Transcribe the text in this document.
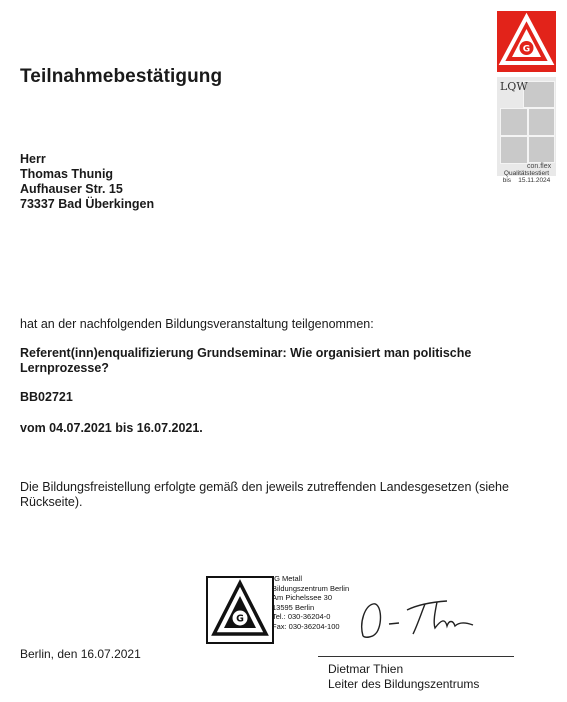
G
LQW
con.flex
Qualitätstestiert
bis    15.11.2024
Teilnahmebestätigung
Herr
Thomas Thunig
Aufhauser Str. 15
73337 Bad Überkingen
hat an der nachfolgenden Bildungsveranstaltung teilgenommen:
Referent(inn)enqualifizierung Grundseminar: Wie organisiert man politische Lernprozesse?
BB02721
vom 04.07.2021 bis 16.07.2021.
Die Bildungsfreistellung erfolgte gemäß den jeweils zutreffenden Landesgesetzen (siehe Rückseite).
G
IG Metall
Bildungszentrum Berlin
Am Pichelssee 30
13595 Berlin
Tel.: 030-36204-0
Fax: 030-36204-100
Berlin, den 16.07.2021
Dietmar Thien
Leiter des Bildungszentrums
